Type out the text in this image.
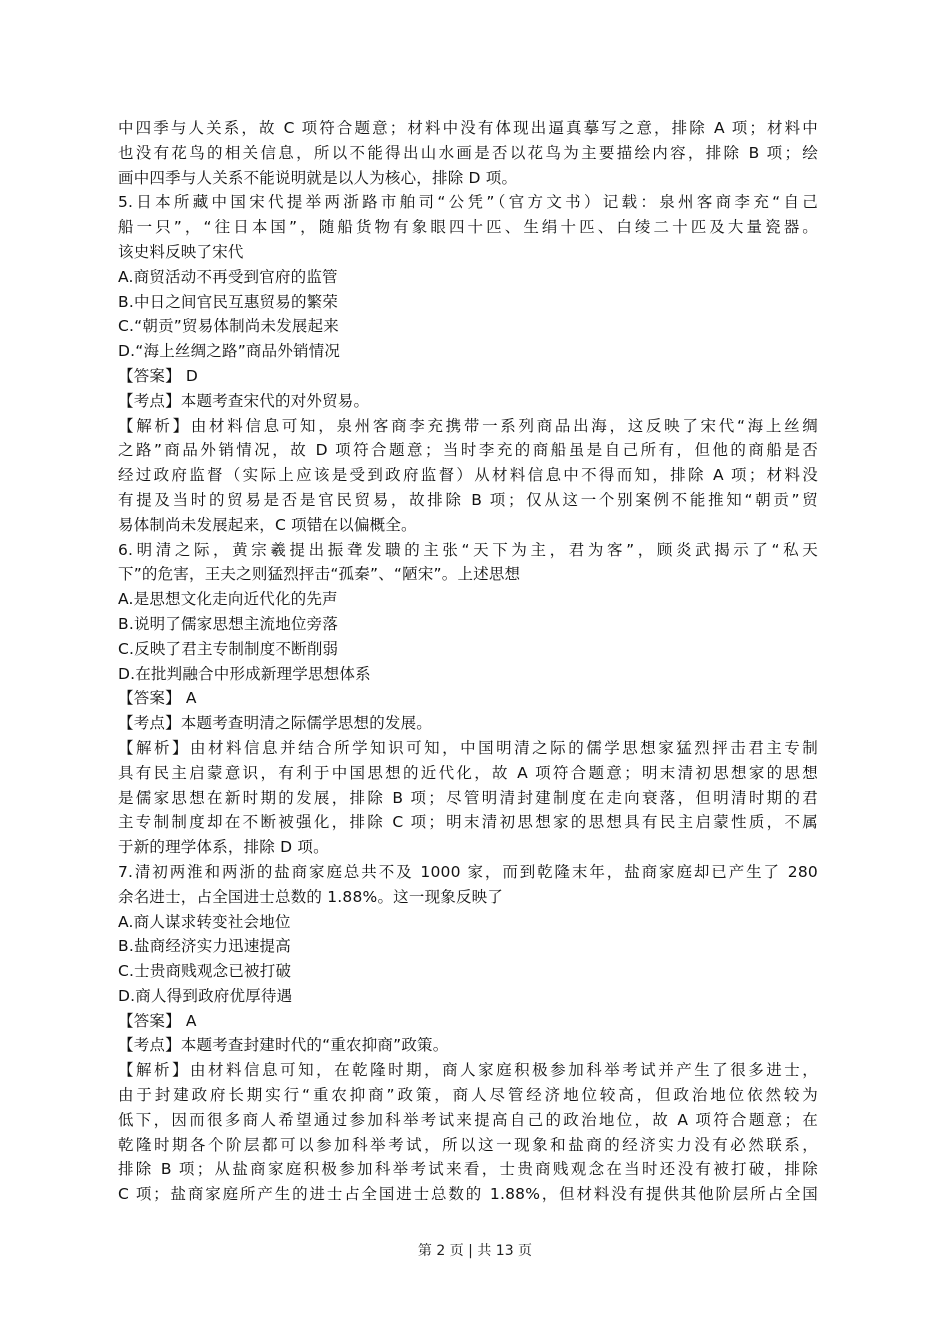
中四季与人关系，故 C 项符合题意；材料中没有体现出逼真摹写之意，排除 A 项；材料中
也没有花鸟的相关信息，所以不能得出山水画是否以花鸟为主要描绘内容，排除 B 项；绘
画中四季与人关系不能说明就是以人为核心，排除 D 项。
5.日本所藏中国宋代提举两浙路市舶司“公凭”（官方文书）记载：泉州客商李充“自己
船一只”，“往日本国”，随船货物有象眼四十匹、生绢十匹、白绫二十匹及大量瓷器。
该史料反映了宋代
A.商贸活动不再受到官府的监管
B.中日之间官民互惠贸易的繁荣
C.“朝贡”贸易体制尚未发展起来
D.“海上丝绸之路”商品外销情况
【答案】 D
【考点】本题考查宋代的对外贸易。
【解析】由材料信息可知，泉州客商李充携带一系列商品出海，这反映了宋代“海上丝绸
之路”商品外销情况，故 D 项符合题意；当时李充的商船虽是自己所有，但他的商船是否
经过政府监督（实际上应该是受到政府监督）从材料信息中不得而知，排除 A 项；材料没
有提及当时的贸易是否是官民贸易，故排除 B 项；仅从这一个别案例不能推知“朝贡”贸
易体制尚未发展起来，C 项错在以偏概全。
6.明清之际，黄宗羲提出振聋发聩的主张“天下为主，君为客”，顾炎武揭示了“私天
下”的危害，王夫之则猛烈抨击“孤秦”、“陋宋”。上述思想
A.是思想文化走向近代化的先声
B.说明了儒家思想主流地位旁落
C.反映了君主专制制度不断削弱
D.在批判融合中形成新理学思想体系
【答案】 A
【考点】本题考查明清之际儒学思想的发展。
【解析】由材料信息并结合所学知识可知，中国明清之际的儒学思想家猛烈抨击君主专制
具有民主启蒙意识，有利于中国思想的近代化，故 A 项符合题意；明末清初思想家的思想
是儒家思想在新时期的发展，排除 B 项；尽管明清封建制度在走向衰落，但明清时期的君
主专制制度却在不断被强化，排除 C 项；明末清初思想家的思想具有民主启蒙性质，不属
于新的理学体系，排除 D 项。
7.清初两淮和两浙的盐商家庭总共不及 1000 家，而到乾隆末年，盐商家庭却已产生了 280
余名进士，占全国进士总数的 1.88%。这一现象反映了
A.商人谋求转变社会地位
B.盐商经济实力迅速提高
C.士贵商贱观念已被打破
D.商人得到政府优厚待遇
【答案】 A
【考点】本题考查封建时代的“重农抑商”政策。
【解析】由材料信息可知，在乾隆时期，商人家庭积极参加科举考试并产生了很多进士，
由于封建政府长期实行“重农抑商”政策，商人尽管经济地位较高，但政治地位依然较为
低下，因而很多商人希望通过参加科举考试来提高自己的政治地位，故 A 项符合题意；在
乾隆时期各个阶层都可以参加科举考试，所以这一现象和盐商的经济实力没有必然联系，
排除 B 项；从盐商家庭积极参加科举考试来看，士贵商贱观念在当时还没有被打破，排除
C 项；盐商家庭所产生的进士占全国进士总数的 1.88%，但材料没有提供其他阶层所占全国
第 2 页 | 共 13 页
